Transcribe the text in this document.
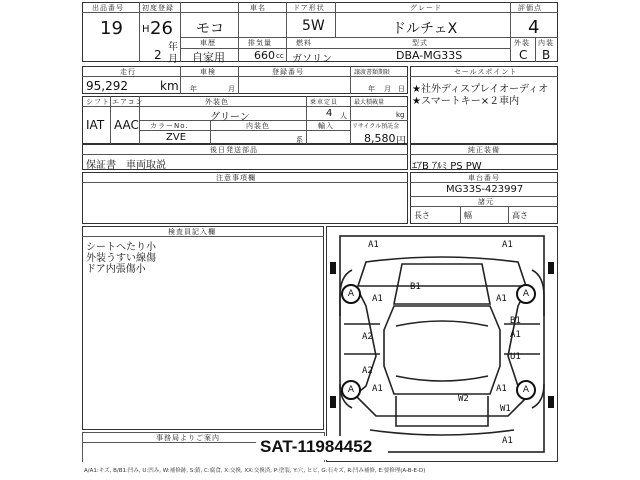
出品番号
19
初度登録
H 26
年
2 月
車名
モコ
ドア形状
5W
グレード
ドルチェX
評価点
4
車歴
自家用
排気量
660 cc
燃料
ガソリン
型式
DBA-MG33S
外装
C
内装
B
走行
95,292	km
車検
年	月
登録番号	譲渡書類期限
年 月 日
セールスポイント
★社外ディスプレイオーディオ
★スマートキー×２車内
シフト
IAT
エアコン
AAC
外装色
グリーン
乗車定員
4 人
最大積載量
kg
カラーNo.
ZVE
内装色
系
輸入	リサイクル預託金
8,580 円
後日発送部品
保証書　車両取説
純正装備
ｴｱB ｱﾙﾐ PS PW
注意事項欄	車台番号
MG33S-423997
諸元
長さ	幅	高さ
検査員記入欄
シートへたり小
外装うすい線傷
ドア内張傷小
事務局よりご案内
A1	A1
B1
A	A
A1	A1
B1
A2	A1
U1
A2
A	A
A1	A1
W2
W1
A1
SAT-11984452
A/A1:キズ, B/B1:凹み, U:凹み, W:補修跡, S:錆, C:腐食, X:交換, XX:交換済, P:塗装, Y:穴, ヒビ, G:石キズ, R:凹み補修, E:要修理(A-B-E-D)
